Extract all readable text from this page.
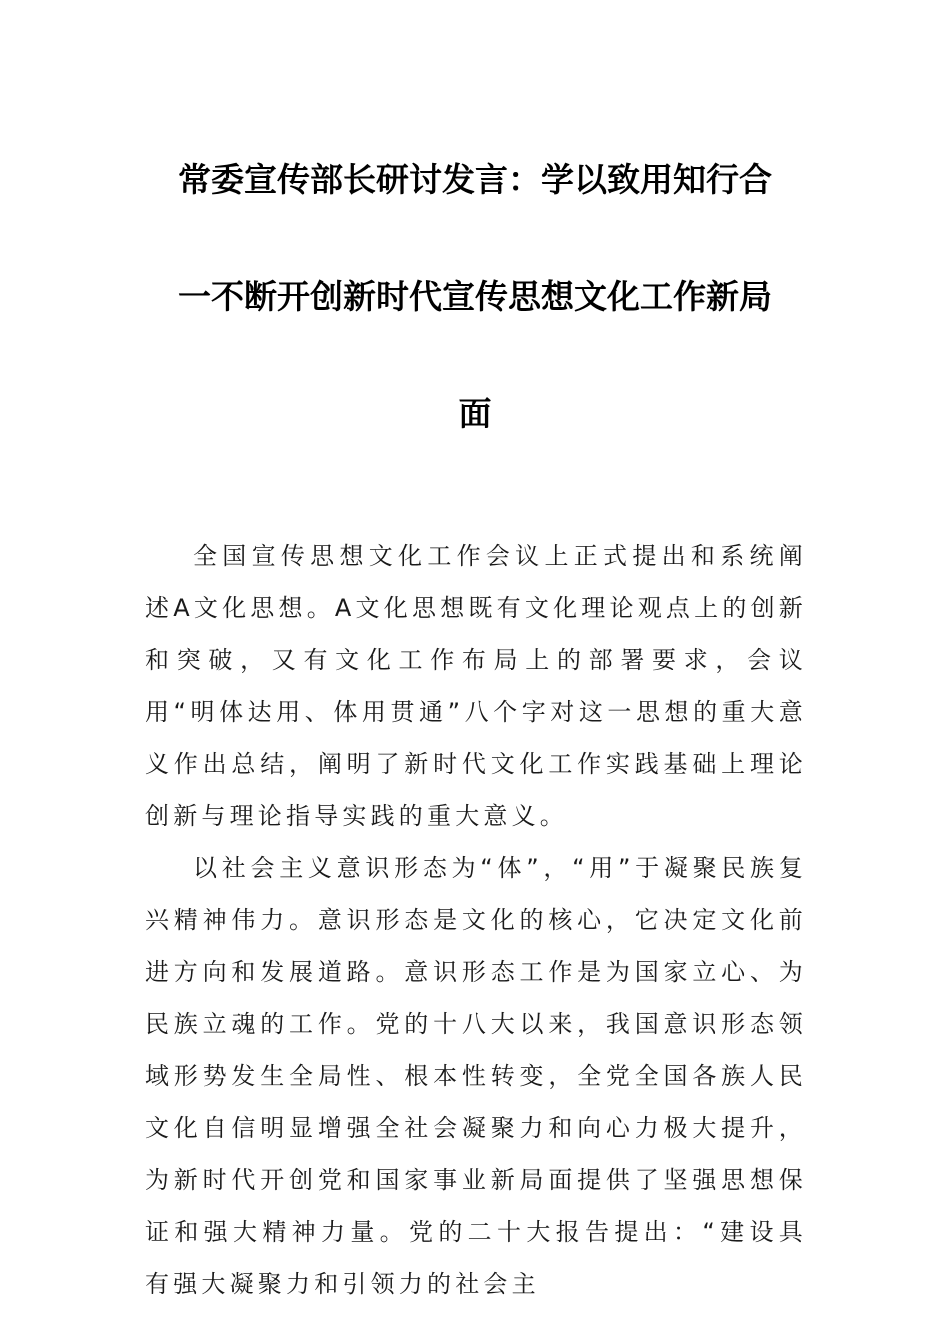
常委宣传部长研讨发言：学以致用知行合
一不断开创新时代宣传思想文化工作新局
面

全国宣传思想文化工作会议上正式提出和系统阐述A文化思想。A文化思想既有文化理论观点上的创新和突破，又有文化工作布局上的部署要求，会议用“明体达用、体用贯通”八个字对这一思想的重大意义作出总结，阐明了新时代文化工作实践基础上理论创新与理论指导实践的重大意义。

以社会主义意识形态为“体”，“用”于凝聚民族复兴精神伟力。意识形态是文化的核心，它决定文化前进方向和发展道路。意识形态工作是为国家立心、为民族立魂的工作。党的十八大以来，我国意识形态领域形势发生全局性、根本性转变，全党全国各族人民文化自信明显增强全社会凝聚力和向心力极大提升，为新时代开创党和国家事业新局面提供了坚强思想保证和强大精神力量。党的二十大报告提出：“建设具有强大凝聚力和引领力的社会主
